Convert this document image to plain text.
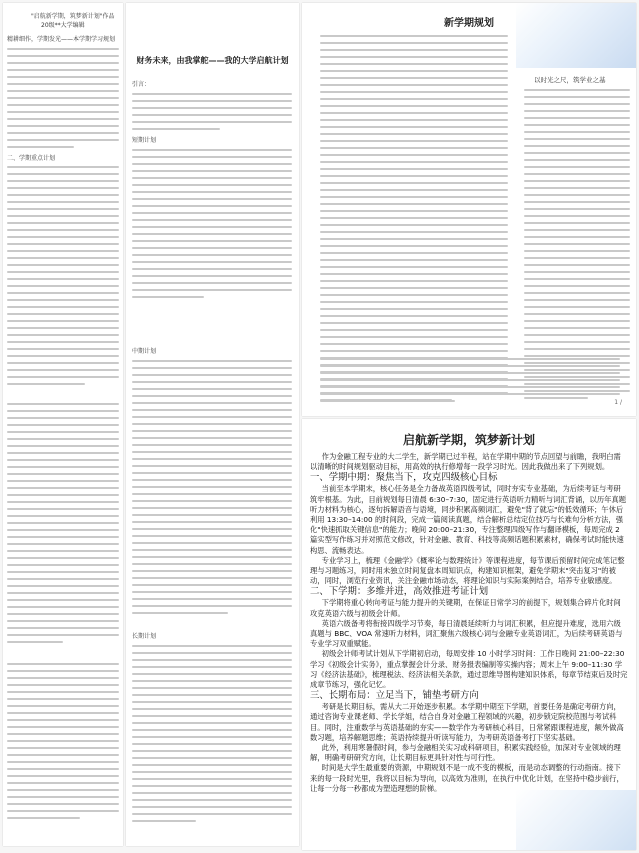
"启航新学期，筑梦新计划"作品
20级**大学编辑
精耕细作，学期发光——本学期学习规划
二、学期重点计划
财务未来，由我掌舵——我的大学启航计划
引言：
短期计划
中期计划
长期计划
新学期规划
以时光之尺，筑学业之基
1 /
启航新学期，筑梦新计划

作为金融工程专业的大二学生，新学期已过半程，站在学期中期的节点回望与前瞻，我明白需以清晰的时间规划驱动目标，用高效的执行修增每一段学习时光。因此我做出来了下列规划。

一、学期中期：聚焦当下，攻克四级核心目标

当前至本学期末，核心任务是全力备战英语四级考试，同时夯实专业基础，为后续考证与考研筑牢根基。为此，目前规划每日清晨 6:30–7:30，固定进行英语听力精听与词汇背诵，以历年真题听力材料为核心，逐句拆解语音与语境，同步积累高频词汇，避免"背了就忘"的低效循环；午休后利用 13:30–14:00 的时间段，完成一篇阅读真题，结合解析总结定位技巧与长难句分析方法，强化"快速抓取关键信息"的能力；晚间 20:00–21:30，专注整理四级写作与翻译模板，每周完成 2 篇实型写作练习并对照范文修改，针对金融、教育、科技等高频话题积累素材，确保考试时能快速构思、流畅表达。

专业学习上，梳理《金融学》《概率论与数理统计》等课程进度，每节课后预留时间完成笔记整理与习题练习，同时用未独立时间复盘本周知识点，构建知识框架，避免学期末"突击复习"的被动，同时，浏览行业资讯，关注金融市场动态，将理论知识与实际案例结合，培养专业敏感度。

二、下学期：多维并进，高效推进考证计划

下学期将重心转向考证与能力提升的关键期，在保证日常学习的前提下，规划集合碎片化时间攻克英语六级与初级会计师。

英语六级备考将衔接四级学习节奏，每日清晨延续听力与词汇积累，但应提升难度，选用六级真题与 BBC、VOA 常速听力材料，词汇聚焦六级核心词与金融专业英语词汇，为后续考研英语与专业学习双重赋能。

初级会计师考试计划从下学期初启动，每周安排 10 小时学习时间：工作日晚间 21:00–22:30 学习《初级会计实务》，重点掌握会计分录、财务报表编制等实操内容；周末上午 9:00–11:30 学习《经济法基础》，梳理税法、经济法相关条款，通过思维导图构建知识体系，每章节结束后及时完成章节练习，强化记忆。

三、长期布局：立足当下，铺垫考研方向

考研是长期目标，需从大二开始逐步积累。本学期中期至下学期，首要任务是确定考研方向，通过咨询专业课老师、学长学姐，结合自身对金融工程领域的兴趣，初步锁定院校范围与考试科目。同时，注重数学与英语基础的夯实——数学作为考研核心科目，日常紧跟课程进度，额外做高数习题，培养解题思维；英语持续提升听读写能力，为考研英语备考打下坚实基础。

此外，利用寒暑假时间，参与金融相关实习或科研项目，积累实践经验，加深对专业领域的理解，明确考研研究方向，让长期目标更具针对性与可行性。

时间是大学生最重要的资源，中期规划不是一成不变的模板，而是动态调整的行动指南。接下来的每一段时光里，我将以目标为导向，以高效为准则，在执行中优化计划，在坚持中稳步前行，让每一分每一秒都成为塑造理想的阶梯。
